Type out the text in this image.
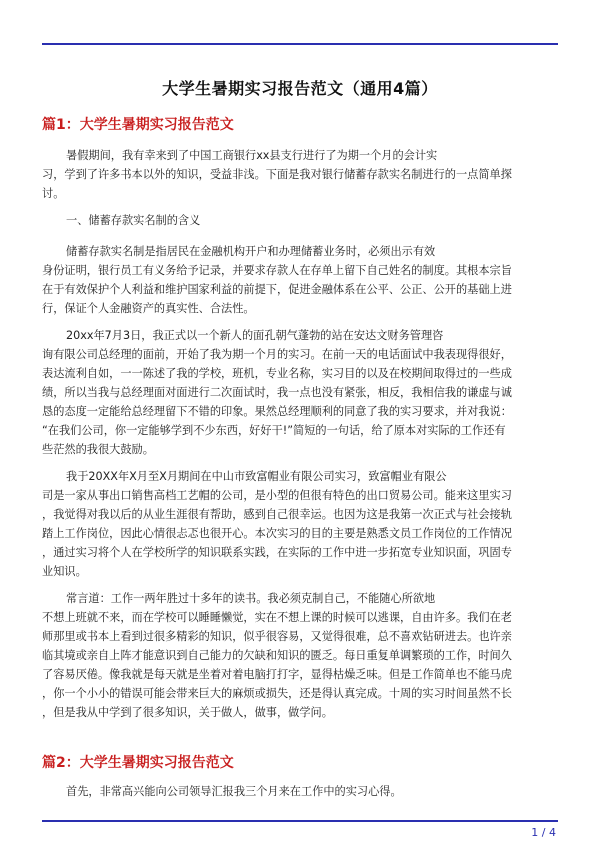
大学生暑期实习报告范文（通用4篇）
篇1：大学生暑期实习报告范文
暑假期间，我有幸来到了中国工商银行xx县支行进行了为期一个月的会计实
习，学到了许多书本以外的知识，受益非浅。下面是我对银行储蓄存款实名制进行的一点简单探
讨。
一、储蓄存款实名制的含义
储蓄存款实名制是指居民在金融机构开户和办理储蓄业务时，必须出示有效
身份证明，银行员工有义务给予记录，并要求存款人在存单上留下自己姓名的制度。其根本宗旨
在于有效保护个人利益和维护国家利益的前提下，促进金融体系在公平、公正、公开的基础上进
行，保证个人金融资产的真实性、合法性。
20xx年7月3日，我正式以一个新人的面孔朝气蓬勃的站在安达文财务管理咨
询有限公司总经理的面前，开始了我为期一个月的实习。在前一天的电话面试中我表现得很好，
表达流利自如，一一陈述了我的学校，班机，专业名称，实习目的以及在校期间取得过的一些成
绩，所以当我与总经理面对面进行二次面试时，我一点也没有紧张，相反，我相信我的谦虚与诚
恳的态度一定能给总经理留下不错的印象。果然总经理顺利的同意了我的实习要求，并对我说：
“在我们公司，你一定能够学到不少东西，好好干!”简短的一句话，给了原本对实际的工作还有
些茫然的我很大鼓励。
我于20XX年X月至X月期间在中山市致富帽业有限公司实习，致富帽业有限公
司是一家从事出口销售高档工艺帽的公司，是小型的但很有特色的出口贸易公司。能来这里实习
，我觉得对我以后的从业生涯很有帮助，感到自己很幸运。也因为这是我第一次正式与社会接轨
踏上工作岗位，因此心情很忐忑也很开心。本次实习的目的主要是熟悉文员工作岗位的工作情况
，通过实习将个人在学校所学的知识联系实践，在实际的工作中进一步拓宽专业知识面，巩固专
业知识。
常言道：工作一两年胜过十多年的读书。我必须克制自己，不能随心所欲地
不想上班就不来，而在学校可以睡睡懒觉，实在不想上课的时候可以逃课，自由许多。我们在老
师那里或书本上看到过很多精彩的知识，似乎很容易，又觉得很难，总不喜欢钻研进去。也许亲
临其境或亲自上阵才能意识到自己能力的欠缺和知识的匮乏。每日重复单调繁琐的工作，时间久
了容易厌倦。像我就是每天就是坐着对着电脑打打字，显得枯燥乏味。但是工作简单也不能马虎
，你一个小小的错误可能会带来巨大的麻烦或损失，还是得认真完成。十周的实习时间虽然不长
，但是我从中学到了很多知识，关于做人，做事，做学问。
篇2：大学生暑期实习报告范文
首先，非常高兴能向公司领导汇报我三个月来在工作中的实习心得。
1 / 4
